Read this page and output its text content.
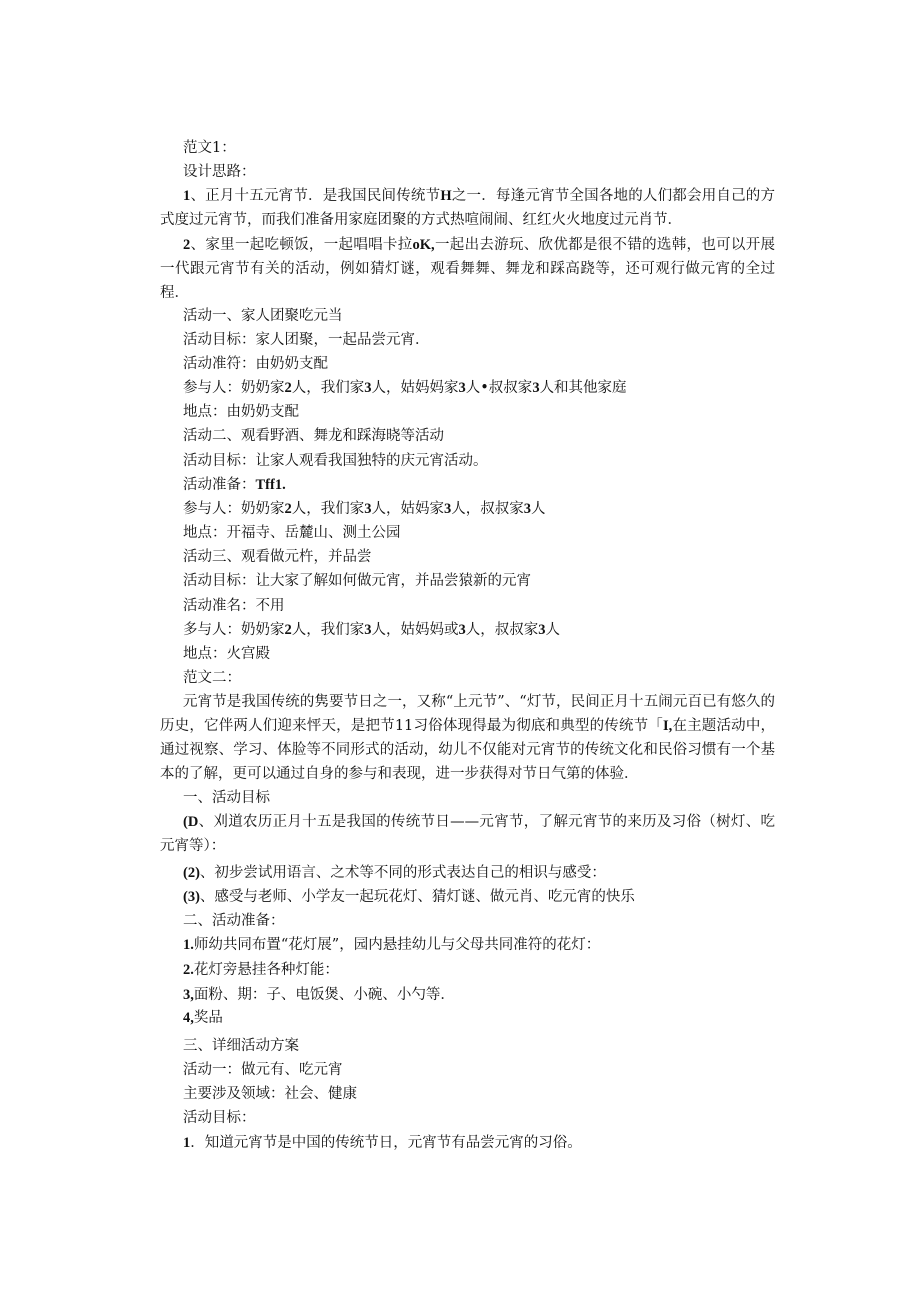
范文1：
设计思路：
1、正月十五元宵节．是我国民间传统节H之一．每逢元宵节全国各地的人们都会用自己的方式度过元宵节，而我们准备用家庭团聚的方式热喧闹闹、红红火火地度过元肖节．
2、家里一起吃顿饭，一起唱唱卡拉oK,一起出去游玩、欣优都是很不错的选韩，也可以开展一代跟元宵节有关的活动，例如猜灯谜，观看舞舞、舞龙和踩高跷等，还可观行做元宵的全过程．
活动一、家人团聚吃元当
活动目标：家人团聚，一起品尝元宵．
活动准符：由奶奶支配
参与人：奶奶家2人，我们家3人，姑妈妈家3人•叔叔家3人和其他家庭
地点：由奶奶支配
活动二、观看野酒、舞龙和踩海晓等活动
活动目标：让家人观看我国独特的庆元宵活动。
活动准备：Tff1.
参与人：奶奶家2人，我们家3人，姑妈家3人，叔叔家3人
地点：开福寺、岳麓山、测土公园
活动三、观看做元杵，并品尝
活动目标：让大家了解如何做元宵，并品尝猿新的元宵
活动准名：不用
多与人：奶奶家2人，我们家3人，姑妈妈或3人，叔叔家3人
地点：火宫殿
范文二：
元宵节是我国传统的隽要节日之一，又称“上元节”、“灯节，民间正月十五闹元百已有悠久的历史，它伴两人们迎来怦天，是把节11习俗体现得最为彻底和典型的传统节「I,在主题活动中，通过视察、学习、体脸等不同形式的活动，幼儿不仅能对元宵节的传统文化和民俗习惯有一个基本的了解，更可以通过自身的参与和表现，进一步获得对节日气第的体验．
一、活动目标
(D、刈道农历正月十五是我国的传统节日——元宵节，了解元宵节的来历及习俗（树灯、吃元宵等）：
(2)、初步尝试用语言、之术等不同的形式表达自己的相识与感受：
(3)、感受与老师、小学友一起玩花灯、猜灯谜、做元肖、吃元宵的快乐
二、活动准备：
1.师幼共同布置“花灯展”，园内悬挂幼儿与父母共同准符的花灯：
2.花灯旁悬挂各种灯能：
3,面粉、期：子、电饭煲、小碗、小勺等．
4,奖品
三、详细活动方案
活动一：做元有、吃元宵
主要涉及领域：社会、健康
活动目标：
1．知道元宵节是中国的传统节日，元宵节有品尝元宵的习俗。
